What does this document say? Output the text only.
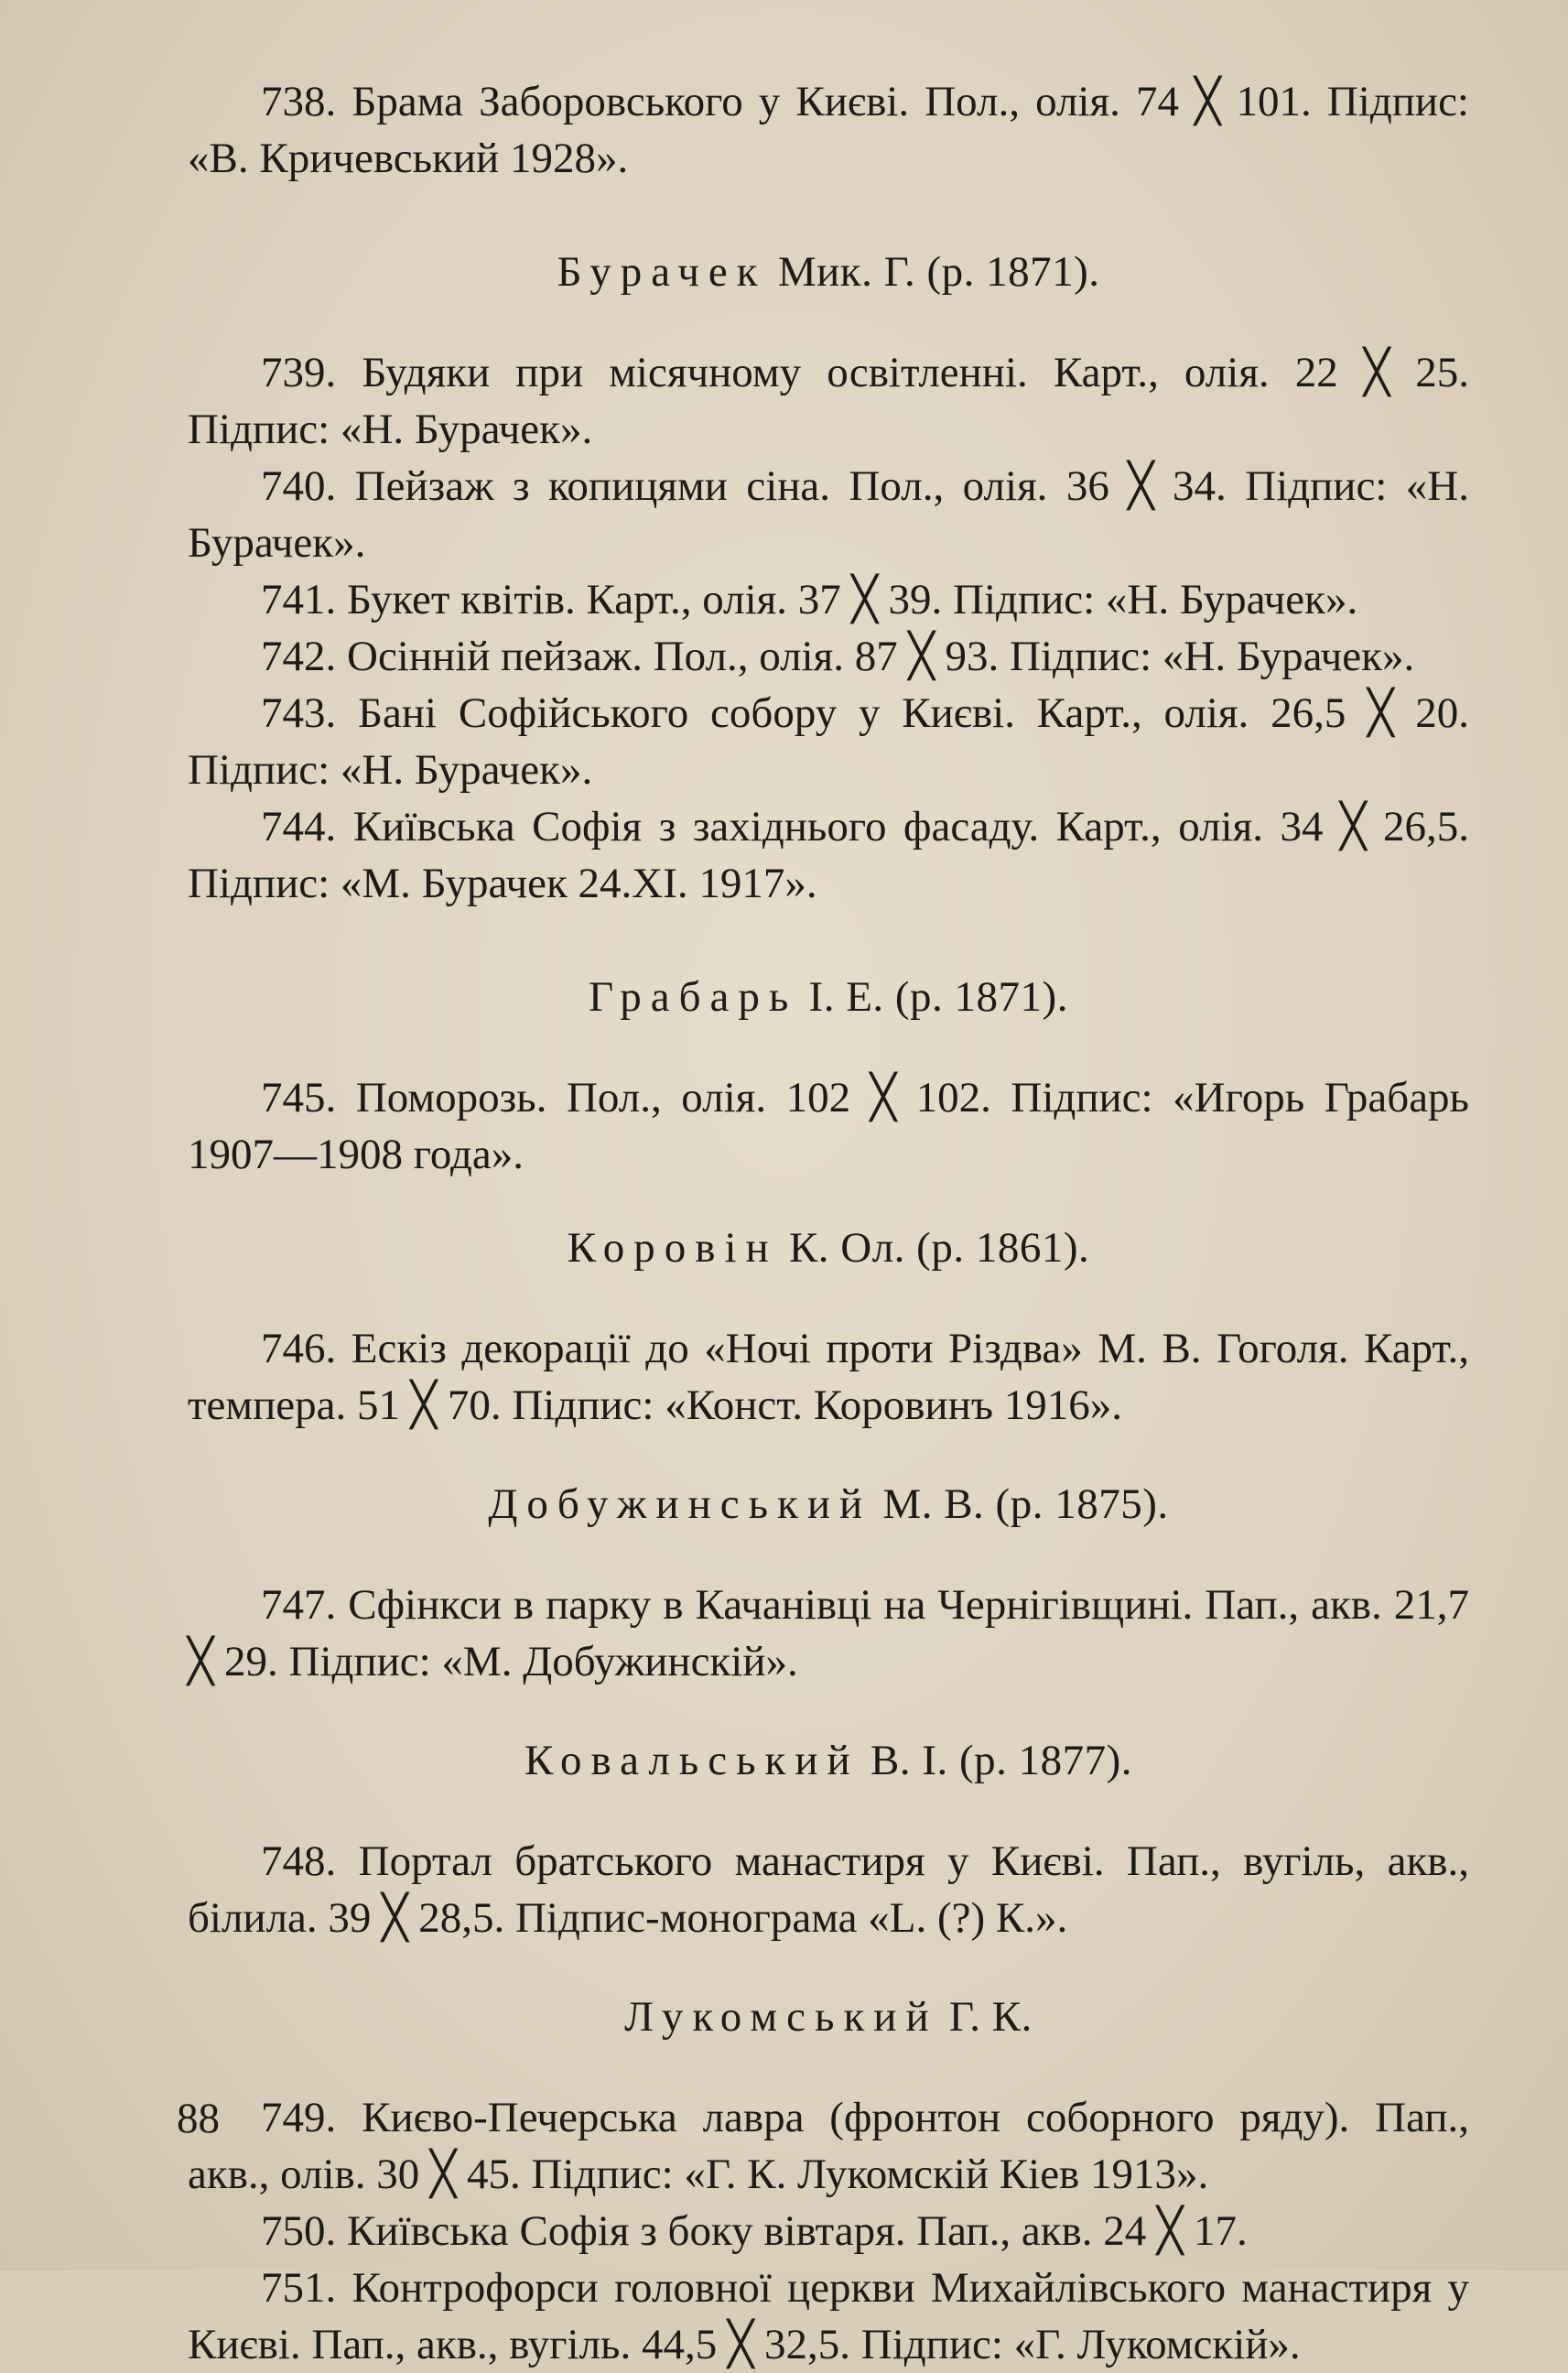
738. Брама Заборовського у Києві. Пол., олія. 74 ╳ 101. Підпис: «В. Кричевський 1928».

Бурачек Мик. Г. (р. 1871).

739. Будяки при місячному освітленні. Карт., олія. 22 ╳ 25. Підпис: «Н. Бурачек».

740. Пейзаж з копицями сіна. Пол., олія. 36 ╳ 34. Підпис: «Н. Бурачек».

741. Букет квітів. Карт., олія. 37 ╳ 39. Підпис: «Н. Бурачек».

742. Осінній пейзаж. Пол., олія. 87 ╳ 93. Підпис: «Н. Бурачек».

743. Бані Софійського собору у Києві. Карт., олія. 26,5 ╳ 20. Підпис: «Н. Бурачек».

744. Київська Софія з західнього фасаду. Карт., олія. 34 ╳ 26,5. Підпис: «М. Бурачек 24.XI. 1917».

Грабарь І. Е. (р. 1871).

745. Поморозь. Пол., олія. 102 ╳ 102. Підпис: «Игорь Грабарь 1907—1908 года».

Коровін К. Ол. (р. 1861).

746. Ескіз декорації до «Ночі проти Різдва» М. В. Гоголя. Карт., темпера. 51 ╳ 70. Підпис: «Конст. Коровинъ 1916».

Добужинський М. В. (р. 1875).

747. Сфінкси в парку в Качанівці на Чернігівщині. Пап., акв. 21,7 ╳ 29. Підпис: «М. Добужинскій».

Ковальський В. І. (р. 1877).

748. Портал братського манастиря у Києві. Пап., вугіль, акв., білила. 39 ╳ 28,5. Підпис-монограма «L. (?) К.».

Лукомський Г. К.

749. Києво-Печерська лавра (фронтон соборного ряду). Пап., акв., олів. 30 ╳ 45. Підпис: «Г. К. Лукомскій Кіев 1913».

750. Київська Софія з боку вівтаря. Пап., акв. 24 ╳ 17.

751. Контрофорси головної церкви Михайлівського манастиря у Києві. Пап., акв., вугіль. 44,5 ╳ 32,5. Підпис: «Г. Лукомскій».

88
